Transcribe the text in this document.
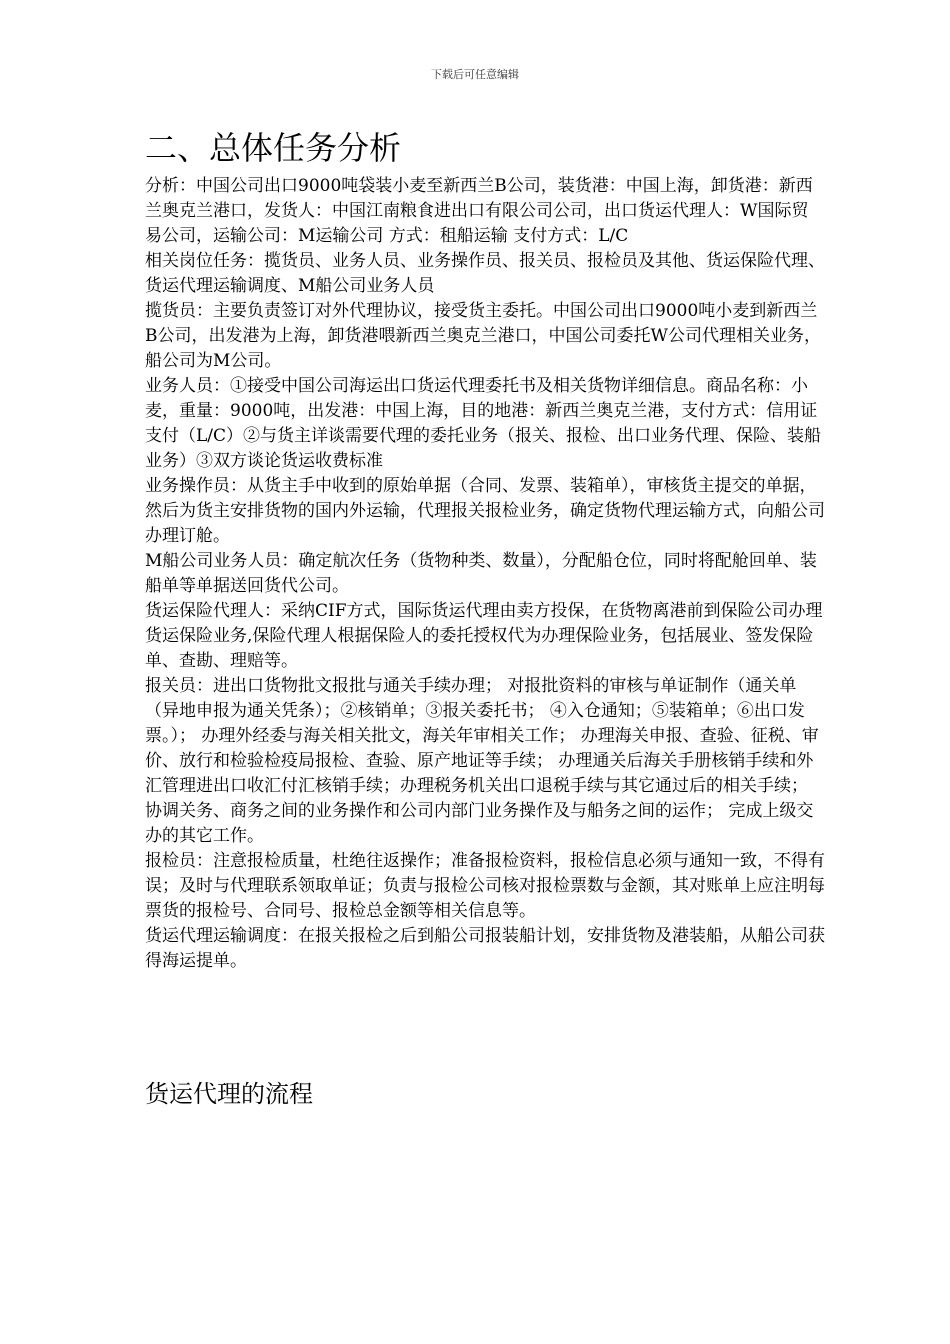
下载后可任意编辑
二、总体任务分析

分析：中国公司出口9000吨袋装小麦至新西兰B公司，装货港：中国上海，卸货港：新西兰奥克兰港口，发货人：中国江南粮食进出口有限公司公司，出口货运代理人：W国际贸易公司，运输公司：M运输公司 方式：租船运输 支付方式：L/C

相关岗位任务：揽货员、业务人员、业务操作员、报关员、报检员及其他、货运保险代理、货运代理运输调度、M船公司业务人员

揽货员：主要负责签订对外代理协议，接受货主委托。中国公司出口9000吨小麦到新西兰B公司，出发港为上海，卸货港喂新西兰奥克兰港口，中国公司委托W公司代理相关业务，船公司为M公司。

业务人员：①接受中国公司海运出口货运代理委托书及相关货物详细信息。商品名称：小麦，重量：9000吨，出发港：中国上海，目的地港：新西兰奥克兰港，支付方式：信用证支付（L/C）②与货主详谈需要代理的委托业务（报关、报检、出口业务代理、保险、装船业务）③双方谈论货运收费标准

业务操作员：从货主手中收到的原始单据（合同、发票、装箱单），审核货主提交的单据，然后为货主安排货物的国内外运输，代理报关报检业务，确定货物代理运输方式，向船公司办理订舱。

M船公司业务人员：确定航次任务（货物种类、数量），分配船仓位，同时将配舱回单、装船单等单据送回货代公司。

货运保险代理人：采纳CIF方式，国际货运代理由卖方投保，在货物离港前到保险公司办理货运保险业务,保险代理人根据保险人的委托授权代为办理保险业务，包括展业、签发保险单、查勘、理赔等。

报关员：进出口货物批文报批与通关手续办理； 对报批资料的审核与单证制作（通关单（异地申报为通关凭条）；②核销单；③报关委托书； ④入仓通知；⑤装箱单；⑥出口发票。）； 办理外经委与海关相关批文，海关年审相关工作； 办理海关申报、查验、征税、审价、放行和检验检疫局报检、查验、原产地证等手续； 办理通关后海关手册核销手续和外汇管理进出口收汇付汇核销手续；办理税务机关出口退税手续与其它通过后的相关手续； 协调关务、商务之间的业务操作和公司内部门业务操作及与船务之间的运作； 完成上级交办的其它工作。

报检员：注意报检质量，杜绝往返操作；准备报检资料，报检信息必须与通知一致，不得有误；及时与代理联系领取单证；负责与报检公司核对报检票数与金额，其对账单上应注明每票货的报检号、合同号、报检总金额等相关信息等。

货运代理运输调度：在报关报检之后到船公司报装船计划，安排货物及港装船，从船公司获得海运提单。

货运代理的流程
